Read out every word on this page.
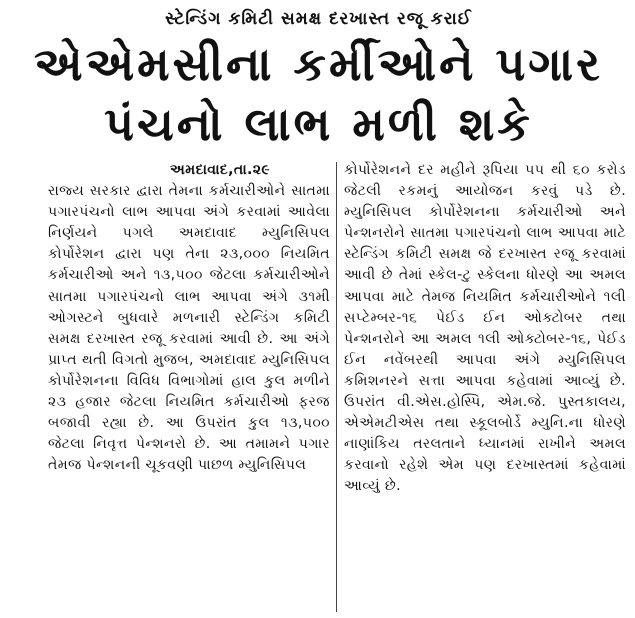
સ્ટેન્ડિંગ કમિટી સમક્ષ દરખાસ્ત રજૂ કરાઈ
એએમસીના કર્મીઓને પગાર
પંચનો લાભ મળી શકે
અમદાવાદ,તા.૨૯

રાજ્ય સરકાર દ્વારા તેમના કર્મચારીઓને સાતમા પગારપંચનો લાભ આપવા અંગે કરવામાં આવેલા નિર્ણયને પગલે અમદાવાદ મ્યુનિસિપલ કોર્પોરેશન દ્વારા પણ તેના ૨૩,૦૦૦ નિયમિત કર્મચારીઓ અને ૧૩,૫૦૦ જેટલા કર્મચારીઓને સાતમા પગારપંચનો લાભ આપવા અંગે ૩૧મી ઓગસ્ટને બુધવારે મળનારી સ્ટેન્ડિંગ કમિટી સમક્ષ દરખાસ્ત રજૂ કરવામાં આવી છે. આ અંગે પ્રાપ્ત થતી વિગતો મુજબ, અમદાવાદ મ્યુનિસિપલ કોર્પોરેશનના વિવિધ વિભાગોમાં હાલ કુલ મળીને ૨૩ હજાર જેટલા નિયમિત કર્મચારીઓ ફરજ બજાવી રહ્યા છે. આ ઉપરાંત કુલ ૧૩,૫૦૦ જેટલા નિવૃત્ત પેન્શનરો છે. આ તમામને પગાર તેમજ પેન્શનની ચૂકવણી પાછળ મ્યુનિસિપલ

કોર્પોરેશનને દર મહીને રૂપિયા ૫૫ થી ૬૦ કરોડ જેટલી રકમનું આયોજન કરવું પડે છે. મ્યુનિસિપલ કોર્પોરેશનના કર્મચારીઓ અને પેન્શનરોને સાતમા પગારપંચનો લાભ આપવા માટે સ્ટેન્ડિંગ કમિટી સમક્ષ જે દરખાસ્ત રજૂ કરવામાં આવી છે તેમાં સ્કેલ-ટુ સ્કેલના ધોરણે આ અમલ આપવા માટે તેમજ નિયમિત કર્મચારીઓને ૧લી સપ્ટેમ્બર-૧૬ પેઈડ ઈન ઓક્ટોબર તથા પેન્શનરોને આ અમલ ૧લી ઓક્ટોબર-૧૬, પેઈડ ઈન નવેંબરથી આપવા અંગે મ્યુનિસિપલ કમિશનરને સત્તા આપવા કહેવામાં આવ્યું છે. ઉપરાંત વી.એસ.હોસ્પિ, એમ.જે. પુસ્તકાલય, એએમટીએસ તથા સ્કૂલબોર્ડે મ્યુનિ.ના ધોરણે નાણાંકિય તરલતાને ધ્યાનમાં રાખીને અમલ કરવાનો રહેશે એમ પણ દરખાસ્તમાં કહેવામાં આવ્યું છે.
